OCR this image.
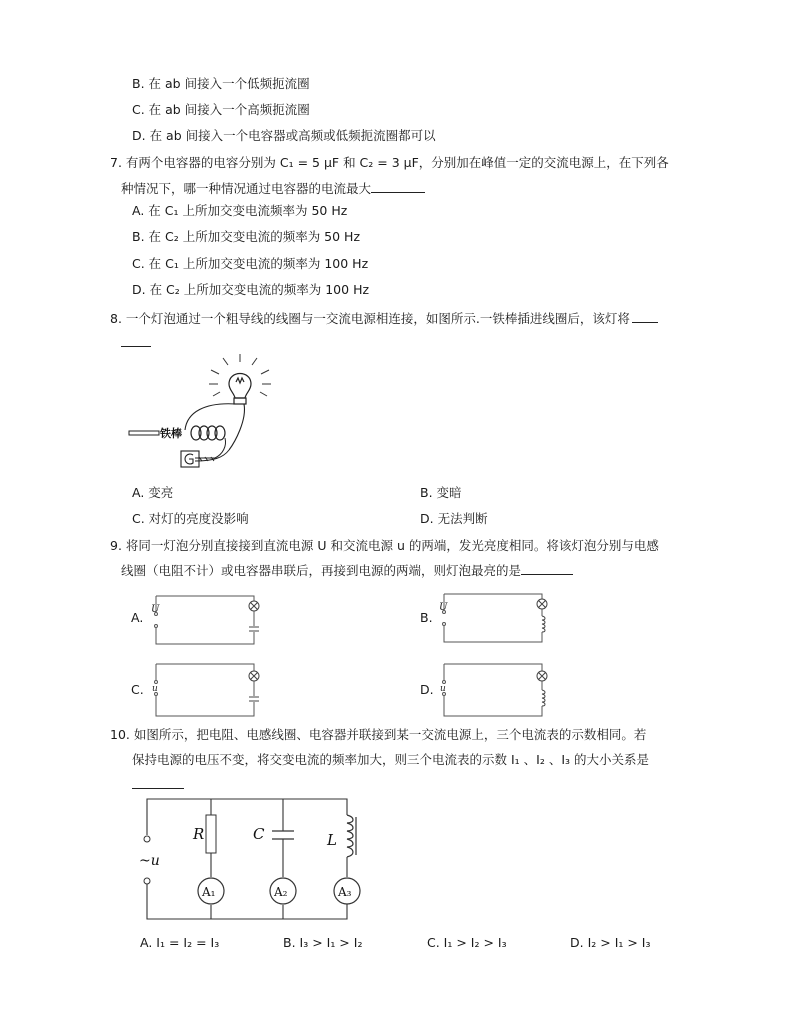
B. 在 ab 间接入一个低频扼流圈
C. 在 ab 间接入一个高频扼流圈
D. 在 ab 间接入一个电容器或高频或低频扼流圈都可以
7. 有两个电容器的电容分别为 C₁ = 5 μF 和 C₂ = 3 μF，分别加在峰值一定的交流电源上，在下列各
种情况下，哪一种情况通过电容器的电流最大
A. 在 C₁ 上所加交变电流频率为 50 Hz
B. 在 C₂ 上所加交变电流的频率为 50 Hz
C. 在 C₁ 上所加交变电流的频率为 100 Hz
D. 在 C₂ 上所加交变电流的频率为 100 Hz
8. 一个灯泡通过一个粗导线的线圈与一交流电源相连接，如图所示.一铁棒插进线圈后，该灯将
铁棒
A. 变亮	B. 变暗
C. 对灯的亮度没影响	D. 无法判断
9. 将同一灯泡分别直接接到直流电源 U 和交流电源 u 的两端，发光亮度相同。将该灯泡分别与电感
线圈（电阻不计）或电容器串联后，再接到电源的两端，则灯泡最亮的是
A.
U
B.
U
C. u	D. u
10. 如图所示，把电阻、电感线圈、电容器并联接到某一交流电源上，三个电流表的示数相同。若
保持电源的电压不变，将交变电流的频率加大，则三个电流表的示数 I₁ 、I₂ 、I₃ 的大小关系是
~u
R	C	L
A₁	A₂	A₃
A. I₁ = I₂ = I₃	B. I₃ > I₁ > I₂	C. I₁ > I₂ > I₃	D. I₂ > I₁ > I₃
